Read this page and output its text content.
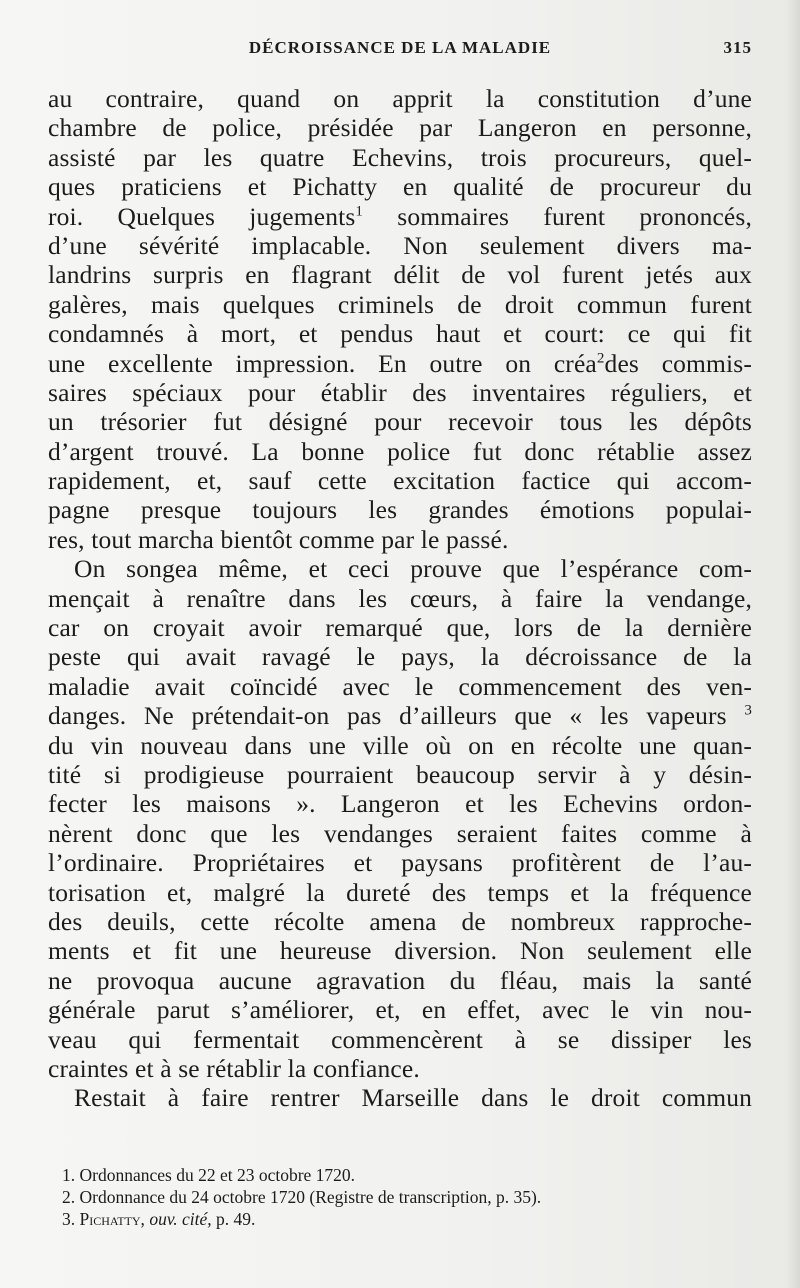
DÉCROISSANCE DE LA MALADIE	315
au contraire, quand on apprit la constitution d’une
chambre de police, présidée par Langeron en personne,
assisté par les quatre Echevins, trois procureurs, quel-
ques praticiens et Pichatty en qualité de procureur du
roi. Quelques jugements$^1$ sommaires furent prononcés,
d’une sévérité implacable. Non seulement divers ma-
landrins surpris en flagrant délit de vol furent jetés aux
galères, mais quelques criminels de droit commun furent
condamnés à mort, et pendus haut et court: ce qui fit
une excellente impression. En outre on créa$^2$des commis-
saires spéciaux pour établir des inventaires réguliers, et
un trésorier fut désigné pour recevoir tous les dépôts
d’argent trouvé. La bonne police fut donc rétablie assez
rapidement, et, sauf cette excitation factice qui accom-
pagne presque toujours les grandes émotions populai-
res, tout marcha bientôt comme par le passé.
On songea même, et ceci prouve que l’espérance com-
mençait à renaître dans les cœurs, à faire la vendange,
car on croyait avoir remarqué que, lors de la dernière
peste qui avait ravagé le pays, la décroissance de la
maladie avait coïncidé avec le commencement des ven-
danges. Ne prétendait-on pas d’ailleurs que « les vapeurs $^3$
du vin nouveau dans une ville où on en récolte une quan-
tité si prodigieuse pourraient beaucoup servir à y désin-
fecter les maisons ». Langeron et les Echevins ordon-
nèrent donc que les vendanges seraient faites comme à
l’ordinaire. Propriétaires et paysans profitèrent de l’au-
torisation et, malgré la dureté des temps et la fréquence
des deuils, cette récolte amena de nombreux rapproche-
ments et fit une heureuse diversion. Non seulement elle
ne provoqua aucune agravation du fléau, mais la santé
générale parut s’améliorer, et, en effet, avec le vin nou-
veau qui fermentait commencèrent à se dissiper les
craintes et à se rétablir la confiance.
Restait à faire rentrer Marseille dans le droit commun
1. Ordonnances du 22 et 23 octobre 1720.
2. Ordonnance du 24 octobre 1720 (Registre de transcription, p. 35).
3. Pichatty, ouv. cité, p. 49.
